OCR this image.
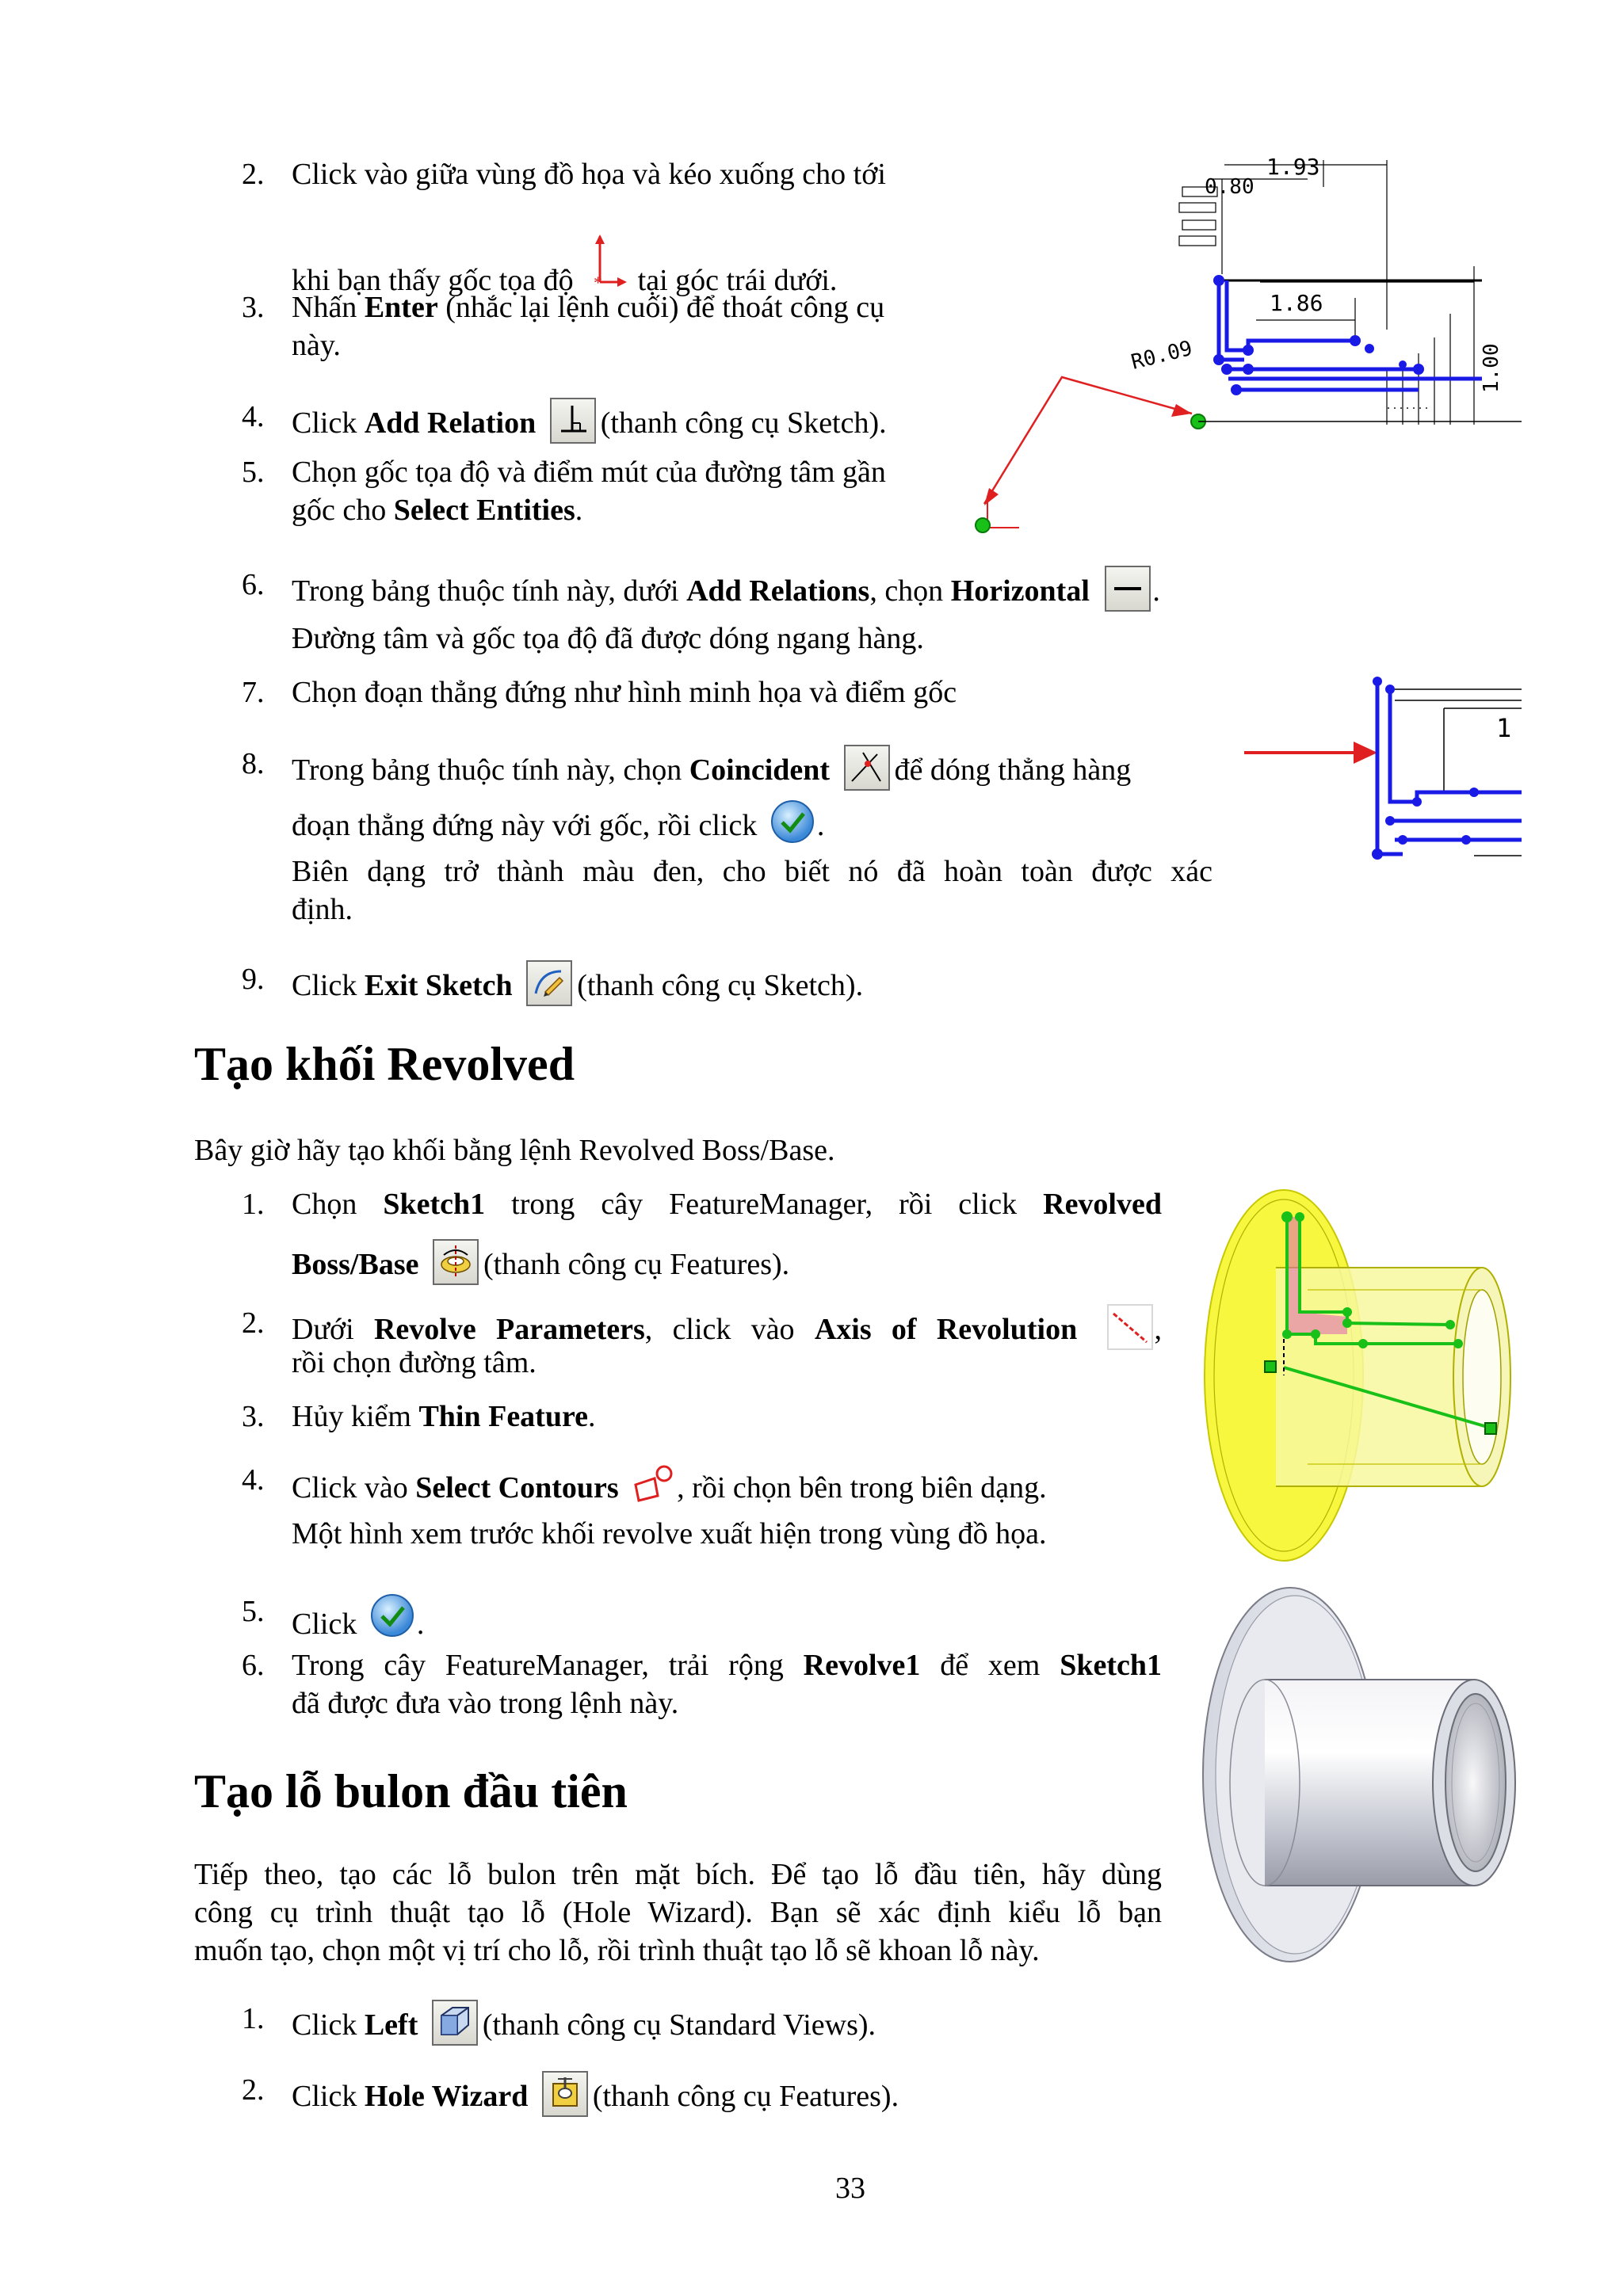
2. Click vào giữa vùng đồ họa và kéo xuống cho tới
khi bạn thấy gốc tọa độ * tại góc trái dưới.
3. Nhấn Enter (nhắc lại lệnh cuối) để thoát công cụ
này.
4. Click Add Relation (thanh công cụ Sketch).
5. Chọn gốc tọa độ và điểm mút của đường tâm gần
gốc cho Select Entities.
6. Trong bảng thuộc tính này, dưới Add Relations, chọn Horizontal .
Đường tâm và gốc tọa độ đã được dóng ngang hàng.
7. Chọn đoạn thẳng đứng như hình minh họa và điểm gốc
8. Trong bảng thuộc tính này, chọn Coincident để dóng thẳng hàng
đoạn thẳng đứng này với gốc, rồi click .
Biên dạng trở thành màu đen, cho biết nó đã hoàn toàn được xác
định.
9. Click Exit Sketch (thanh công cụ Sketch).
1.93
1.86
R0.09
0.80
1.00
. . . . . . .
1
Tạo khối Revolved
Bây giờ hãy tạo khối bằng lệnh Revolved Boss/Base.
1. Chọn Sketch1 trong cây FeatureManager, rồi click Revolved
Boss/Base (thanh công cụ Features).
2. Dưới Revolve Parameters, click vào Axis of Revolution	,
rồi chọn đường tâm.
3. Hủy kiểm Thin Feature.
4. Click vào Select Contours , rồi chọn bên trong biên dạng.
Một hình xem trước khối revolve xuất hiện trong vùng đồ họa.
5. Click .
6. Trong cây FeatureManager, trải rộng Revolve1 để xem Sketch1
đã được đưa vào trong lệnh này.
Tạo lỗ bulon đầu tiên
Tiếp theo, tạo các lỗ bulon trên mặt bích. Để tạo lỗ đầu tiên, hãy dùng
công cụ trình thuật tạo lỗ (Hole Wizard). Bạn sẽ xác định kiểu lỗ bạn
muốn tạo, chọn một vị trí cho lỗ, rồi trình thuật tạo lỗ sẽ khoan lỗ này.
1. Click Left (thanh công cụ Standard Views).
2. Click Hole Wizard (thanh công cụ Features).
33
